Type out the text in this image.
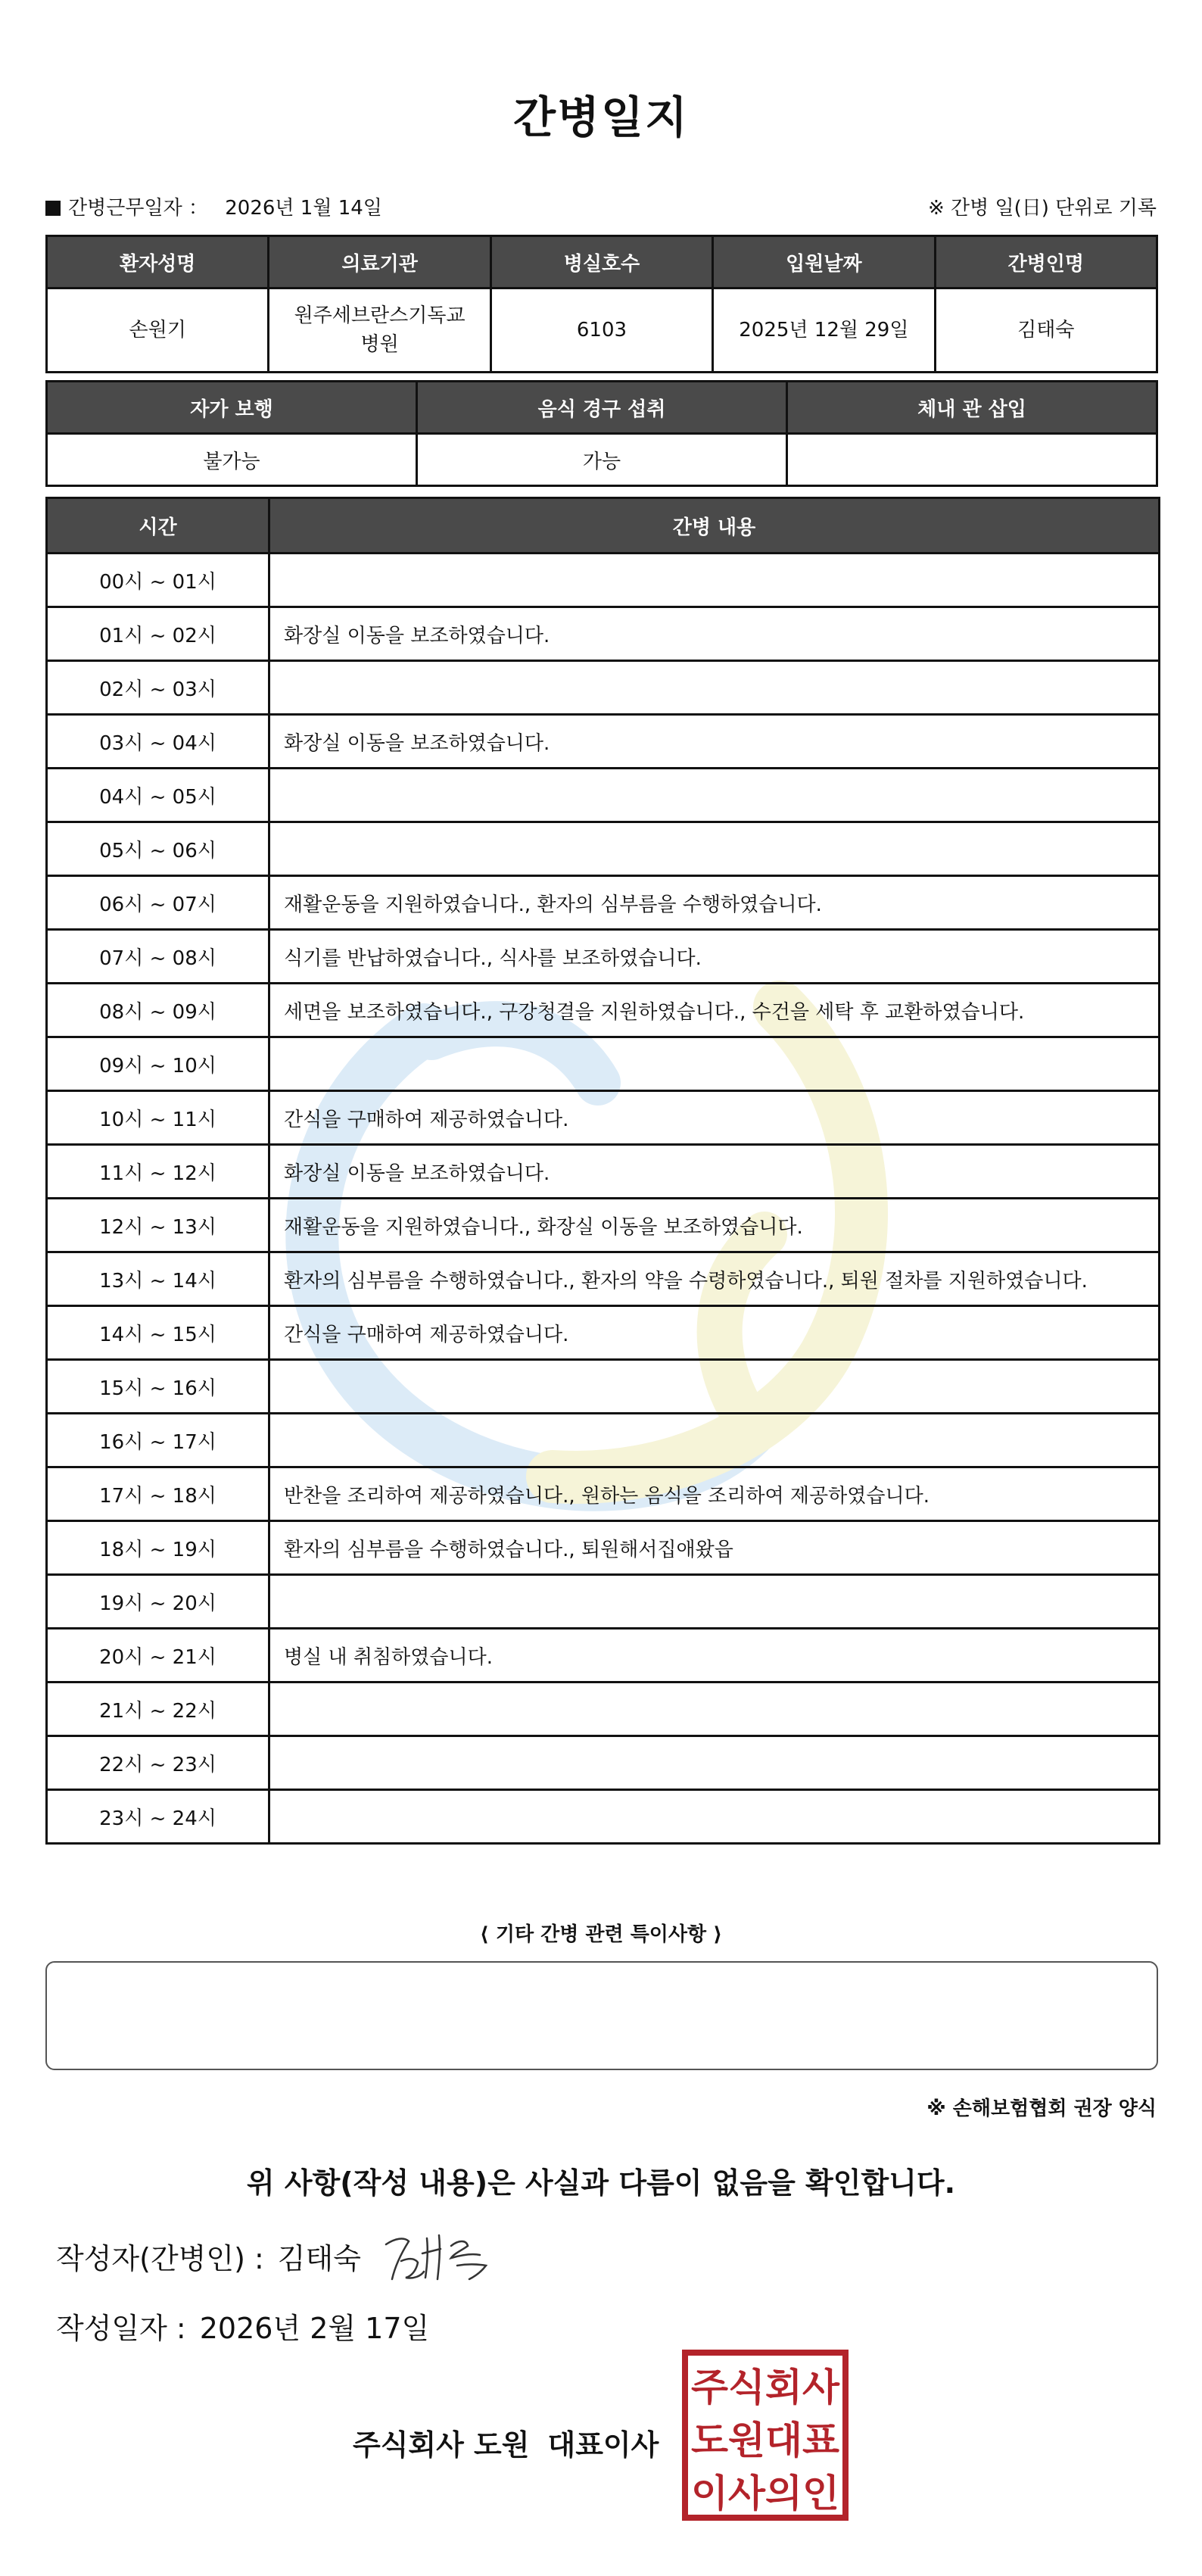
간병일지
간병근무일자 ： 2026년 1월 14일	※ 간병 일(日) 단위로 기록
환자성명	의료기관	병실호수	입원날짜	간병인명
손원기	원주세브란스기독교병원	6103	2025년 12월 29일	김태숙
자가 보행	음식 경구 섭취	체내 관 삽입
불가능	가능	
시간	간병 내용
00시 ~ 01시	
01시 ~ 02시	화장실 이동을 보조하였습니다.
02시 ~ 03시	
03시 ~ 04시	화장실 이동을 보조하였습니다.
04시 ~ 05시	
05시 ~ 06시	
06시 ~ 07시	재활운동을 지원하였습니다., 환자의 심부름을 수행하였습니다.
07시 ~ 08시	식기를 반납하였습니다., 식사를 보조하였습니다.
08시 ~ 09시	세면을 보조하였습니다., 구강청결을 지원하였습니다., 수건을 세탁 후 교환하였습니다.
09시 ~ 10시	
10시 ~ 11시	간식을 구매하여 제공하였습니다.
11시 ~ 12시	화장실 이동을 보조하였습니다.
12시 ~ 13시	재활운동을 지원하였습니다., 화장실 이동을 보조하였습니다.
13시 ~ 14시	환자의 심부름을 수행하였습니다., 환자의 약을 수령하였습니다., 퇴원 절차를 지원하였습니다.
14시 ~ 15시	간식을 구매하여 제공하였습니다.
15시 ~ 16시	
16시 ~ 17시	
17시 ~ 18시	반찬을 조리하여 제공하였습니다., 원하는 음식을 조리하여 제공하였습니다.
18시 ~ 19시	환자의 심부름을 수행하였습니다., 퇴원해서집애왔읍
19시 ~ 20시	
20시 ~ 21시	병실 내 취침하였습니다.
21시 ~ 22시	
22시 ~ 23시	
23시 ~ 24시	
⟨ 기타 간병 관련 특이사항 ⟩
※ 손해보험협회 권장 양식
위 사항(작성 내용)은 사실과 다름이 없음을 확인합니다.
작성자(간병인) : 김태숙
작성일자 : 2026년 2월 17일
주식회사 도원 대표이사
주식회사
도원대표
이사의인
